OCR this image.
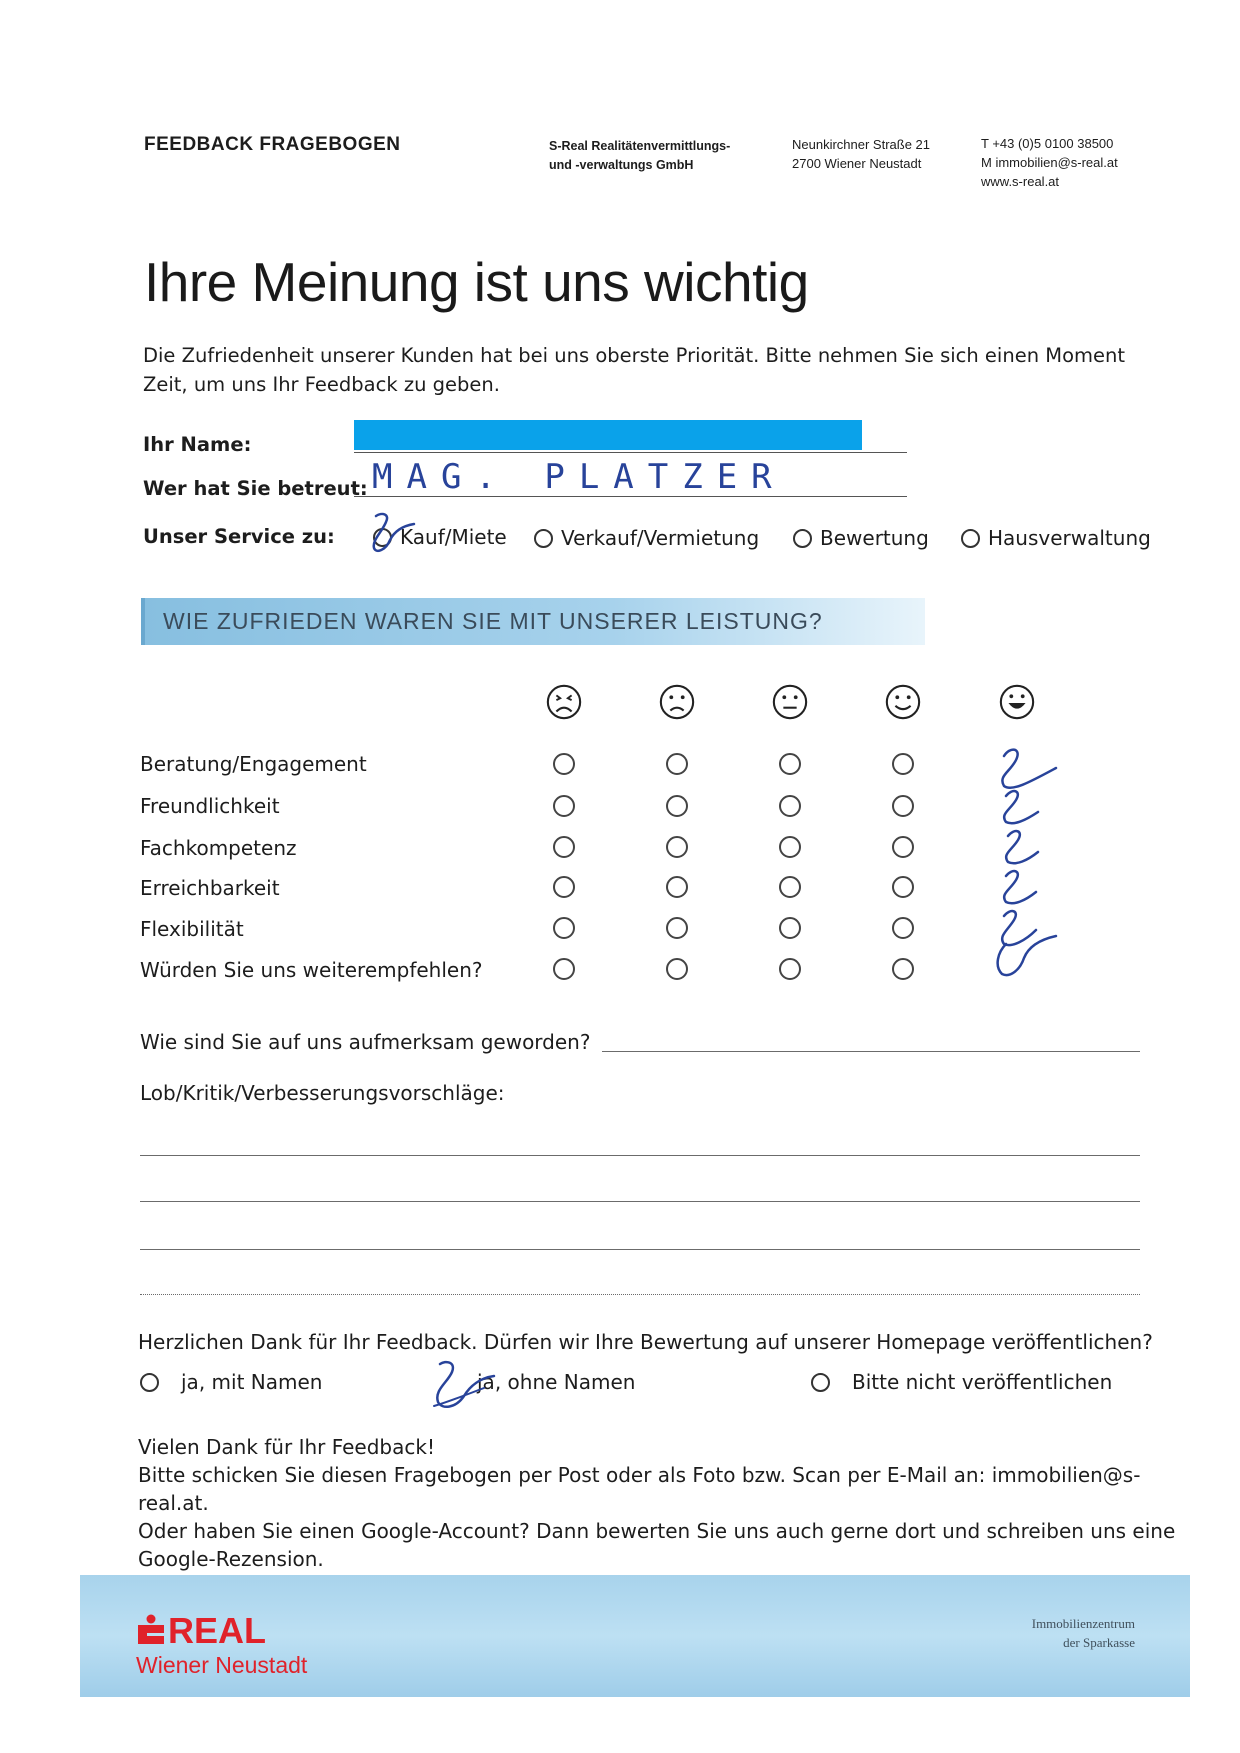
FEEDBACK FRAGEBOGEN	S-Real Realitätenvermittlungs-
und -verwaltungs GmbH
Neunkirchner Straße 21
2700 Wiener Neustadt
T +43 (0)5 0100 38500
M immobilien@s-real.at
www.s-real.at
Ihre Meinung ist uns wichtig
Die Zufriedenheit unserer Kunden hat bei uns oberste Priorität. Bitte nehmen Sie sich einen Moment Zeit, um uns Ihr Feedback zu geben.
Ihr Name:
Wer hat Sie betreut: MAG. PLATZER
Unser Service zu:	Kauf/Miete	Verkauf/Vermietung	Bewertung	Hausverwaltung
WIE ZUFRIEDEN WAREN SIE MIT UNSERER LEISTUNG?
Beratung/Engagement
Freundlichkeit
Fachkompetenz
Erreichbarkeit
Flexibilität
Würden Sie uns weiterempfehlen?
Wie sind Sie auf uns aufmerksam geworden?
Lob/Kritik/Verbesserungsvorschläge:
Herzlichen Dank für Ihr Feedback. Dürfen wir Ihre Bewertung auf unserer Homepage veröffentlichen?
ja, mit Namen	ja, ohne Namen	Bitte nicht veröffentlichen
Vielen Dank für Ihr Feedback!
Bitte schicken Sie diesen Fragebogen per Post oder als Foto bzw. Scan per E-Mail an: immobilien@s-real.at.
Oder haben Sie einen Google-Account? Dann bewerten Sie uns auch gerne dort und schreiben uns eine
Google-Rezension.
REAL
Wiener Neustadt
Immobilienzentrum
der Sparkasse
